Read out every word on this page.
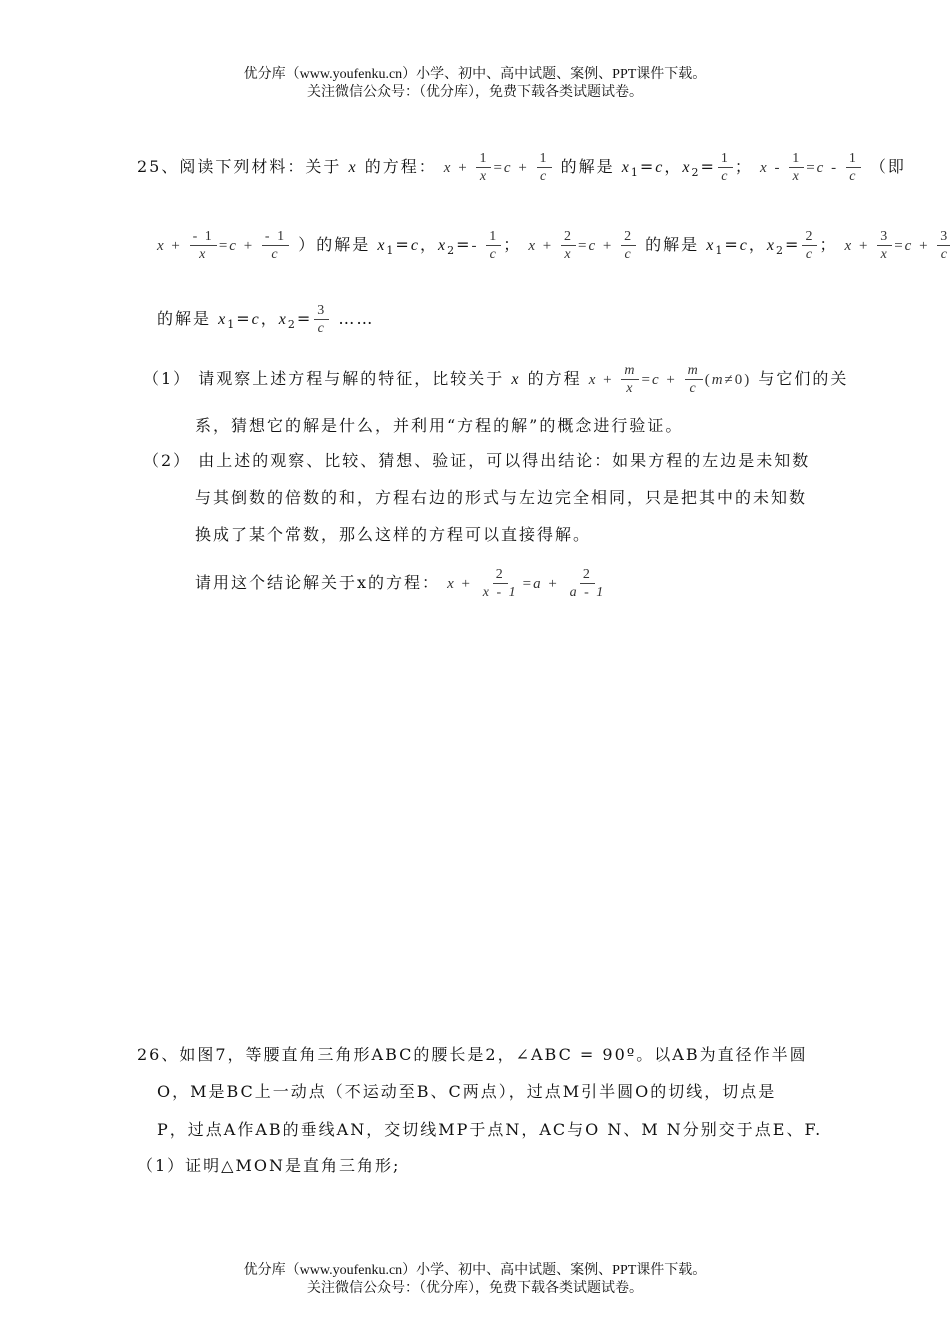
优分库（www.youfenku.cn）小学、初中、高中试题、案例、PPT课件下载。
关注微信公众号：（优分库），免费下载各类试题试卷。
25、阅读下列材料：关于 x 的方程： $x + \frac{1}{x} =c + \frac{1}{c}$ 的解是 $x_1=c$，$x_2= \frac{1}{c}$ ； $x - \frac{1}{x} =c - \frac{1}{c}$ （即
$x + \frac{- 1}{x} =c + \frac{- 1}{c}$ ）的解是 $x_1=c$，$x_2=- \frac{1}{c}$ ； $x + \frac{2}{x} =c + \frac{2}{c}$ 的解是 $x_1=c$，$x_2= \frac{2}{c}$ ； $x + \frac{3}{x} =c + \frac{3}{c}$
的解是 $x_1=c$，$x_2= \frac{3}{c}$ ……
（1） 请观察上述方程与解的特征，比较关于 x 的方程 $x + \frac{m}{x} =c + \frac{m}{c} (m\ne 0)$ 与它们的关
系，猜想它的解是什么，并利用“方程的解”的概念进行验证。
（2） 由上述的观察、比较、猜想、验证，可以得出结论：如果方程的左边是未知数
与其倒数的倍数的和，方程右边的形式与左边完全相同，只是把其中的未知数
换成了某个常数，那么这样的方程可以直接得解。
请用这个结论解关于x的方程： $x + \frac{2}{x - 1} =a + \frac{2}{a - 1}$
26、如图7，等腰直角三角形ABC的腰长是2，∠ABC = 90º。以AB为直径作半圆
O，M是BC上一动点（不运动至B、C两点），过点M引半圆O的切线，切点是
P，过点A作AB的垂线AN，交切线MP于点N，AC与O N、M N分别交于点E、F.
（1）证明△MON是直角三角形;
优分库（www.youfenku.cn）小学、初中、高中试题、案例、PPT课件下载。
关注微信公众号：（优分库），免费下载各类试题试卷。
